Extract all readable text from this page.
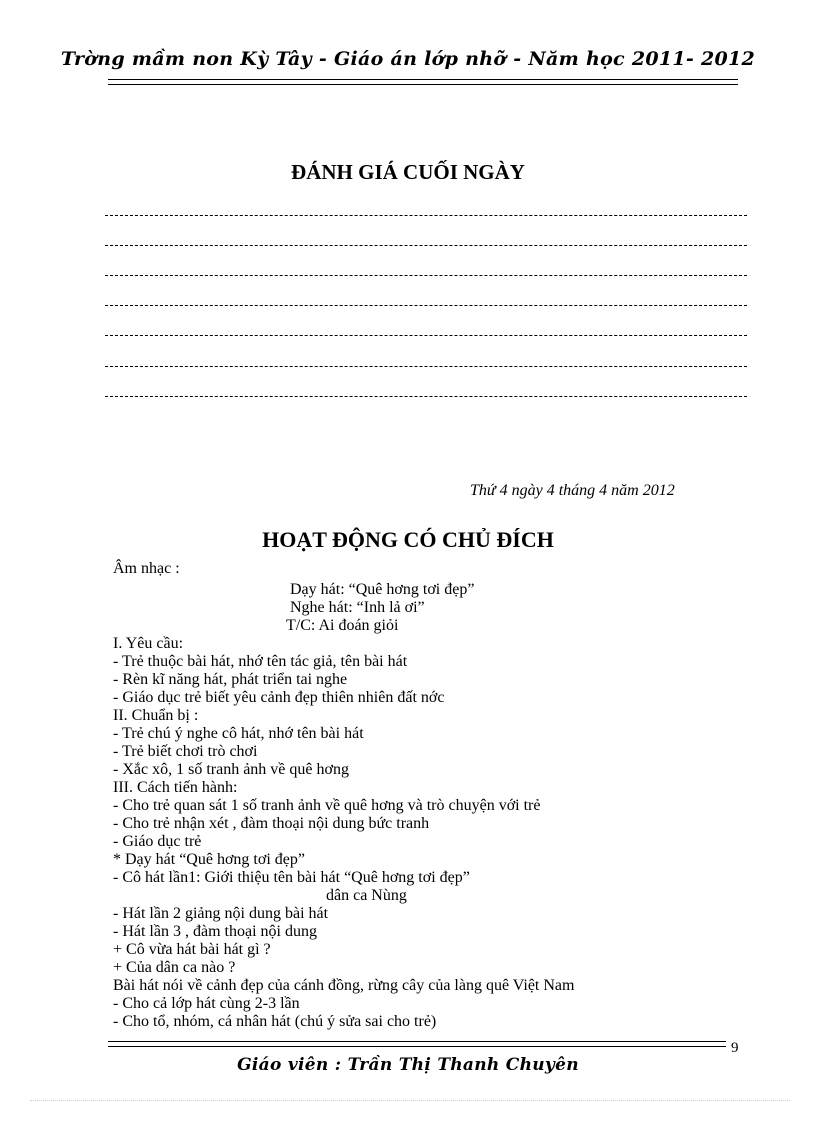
Trờng mầm non Kỳ Tây - Giáo án lớp nhỡ - Năm học 2011- 2012
ĐÁNH GIÁ CUỐI NGÀY
Thứ 4 ngày 4 tháng 4 năm 2012
HOẠT ĐỘNG CÓ CHỦ ĐÍCH
Âm nhạc :
Dạy hát: “Quê hơng tơi đẹp”
Nghe hát: “Inh lả ơi”
T/C: Ai đoán giỏi
I. Yêu cầu:
- Trẻ thuộc bài hát, nhớ tên tác giả, tên bài hát
- Rèn kĩ năng hát, phát triển tai nghe
- Giáo dục trẻ biết yêu cảnh đẹp thiên nhiên đất nớc
II. Chuẩn bị :
- Trẻ chú ý nghe cô hát, nhớ tên bài hát
- Trẻ biết chơi trò chơi
- Xắc xô, 1 số tranh ảnh về quê hơng
III. Cách tiến hành:
- Cho trẻ quan sát 1 số tranh ảnh về quê hơng và trò chuyện với trẻ
- Cho trẻ nhận xét , đàm thoại nội dung bức tranh
- Giáo dục trẻ
* Dạy hát “Quê hơng tơi đẹp”
- Cô hát lần1: Giới thiệu tên bài hát “Quê hơng tơi đẹp”
dân ca Nùng
- Hát lần 2 giảng nội dung bài hát
- Hát lần 3 , đàm thoại nội dung
+ Cô vừa hát bài hát gì ?
+ Của dân ca nào ?
Bài hát nói về cảnh đẹp của cánh đồng, rừng cây của làng quê Việt Nam
- Cho cả lớp hát cùng 2-3 lần
- Cho tổ, nhóm, cá nhân hát (chú ý sửa sai cho trẻ)
9
Giáo viên : Trần Thị Thanh Chuyên
